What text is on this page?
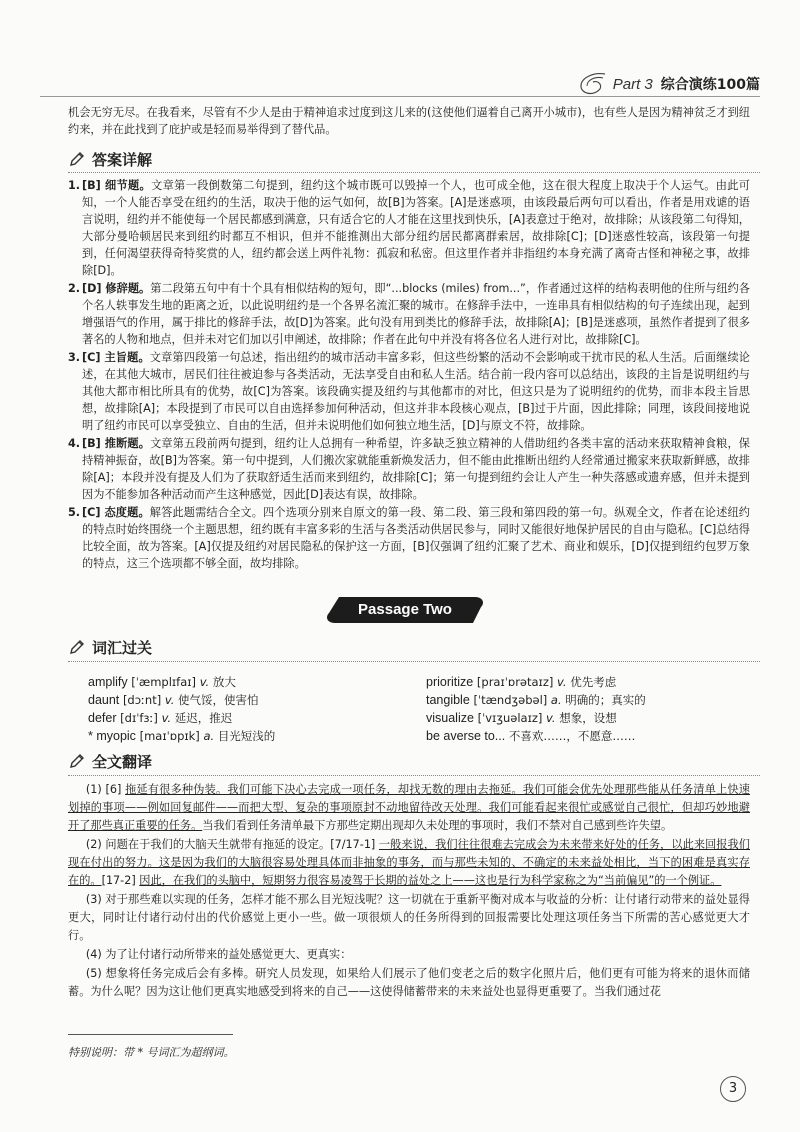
Part 3 综合演练100篇

机会无穷无尽。在我看来，尽管有不少人是由于精神追求过度到这儿来的(这使他们逼着自己离开小城市)，也有些人是因为精神贫乏才到纽约来，并在此找到了庇护或是轻而易举得到了替代品。

答案详解
1. [B] 细节题。文章第一段倒数第二句提到，纽约这个城市既可以毁掉一个人，也可成全他，这在很大程度上取决于个人运气。由此可知，一个人能否享受在纽约的生活，取决于他的运气如何，故[B]为答案。[A]是迷惑项，由该段最后两句可以看出，作者是用戏谑的语言说明，纽约并不能使每一个居民都感到满意，只有适合它的人才能在这里找到快乐，[A]表意过于绝对，故排除；从该段第二句得知，大部分曼哈顿居民来到纽约时都互不相识，但并不能推测出大部分纽约居民都离群索居，故排除[C]；[D]迷惑性较高，该段第一句提到，任何渴望获得奇特奖赏的人，纽约都会送上两件礼物：孤寂和私密。但这里作者并非指纽约本身充满了离奇古怪和神秘之事，故排除[D]。

2. [D] 修辞题。第二段第五句中有十个具有相似结构的短句，即“...blocks (miles) from...”，作者通过这样的结构表明他的住所与纽约各个名人轶事发生地的距离之近，以此说明纽约是一个各界名流汇聚的城市。在修辞手法中，一连串具有相似结构的句子连续出现，起到增强语气的作用，属于排比的修辞手法，故[D]为答案。此句没有用到类比的修辞手法，故排除[A]；[B]是迷惑项，虽然作者提到了很多著名的人物和地点，但并未对它们加以引申阐述，故排除；作者在此句中并没有将各位名人进行对比，故排除[C]。

3. [C] 主旨题。文章第四段第一句总述，指出纽约的城市活动丰富多彩，但这些纷繁的活动不会影响或干扰市民的私人生活。后面继续论述，在其他大城市，居民们往往被迫参与各类活动，无法享受自由和私人生活。结合前一段内容可以总结出，该段的主旨是说明纽约与其他大都市相比所具有的优势，故[C]为答案。该段确实提及纽约与其他都市的对比，但这只是为了说明纽约的优势，而非本段主旨思想，故排除[A]；本段提到了市民可以自由选择参加何种活动，但这并非本段核心观点，[B]过于片面，因此排除；同理，该段间接地说明了纽约市民可以享受独立、自由的生活，但并未说明他们如何独立地生活，[D]与原文不符，故排除。

4. [B] 推断题。文章第五段前两句提到，纽约让人总拥有一种希望，许多缺乏独立精神的人借助纽约各类丰富的活动来获取精神食粮，保持精神振奋，故[B]为答案。第一句中提到，人们搬次家就能重新焕发活力，但不能由此推断出纽约人经常通过搬家来获取新鲜感，故排除[A]；本段并没有提及人们为了获取舒适生活而来到纽约，故排除[C]；第一句提到纽约会让人产生一种失落感或遗弃感，但并未提到因为不能参加各种活动而产生这种感觉，因此[D]表达有误，故排除。

5. [C] 态度题。解答此题需结合全文。四个选项分别来自原文的第一段、第二段、第三段和第四段的第一句。纵观全文，作者在论述纽约的特点时始终围绕一个主题思想，纽约既有丰富多彩的生活与各类活动供居民参与，同时又能很好地保护居民的自由与隐私。[C]总结得比较全面，故为答案。[A]仅提及纽约对居民隐私的保护这一方面，[B]仅强调了纽约汇聚了艺术、商业和娱乐，[D]仅提到纽约包罗万象的特点，这三个选项都不够全面，故均排除。

Passage Two
词汇过关
amplify [ˈæmplɪfaɪ] v. 放大
daunt [dɔːnt] v. 使气馁，使害怕
defer [dɪˈfɜː] v. 延迟，推迟
* myopic [maɪˈɒpɪk] a. 目光短浅的
prioritize [praɪˈɒrətaɪz] v. 优先考虑
tangible [ˈtændʒəbəl] a. 明确的；真实的
visualize [ˈvɪʒuəlaɪz] v. 想象，设想
be averse to... 不喜欢……，不愿意……
全文翻译

(1) [6] 拖延有很多种伪装。我们可能下决心去完成一项任务，却找无数的理由去拖延。我们可能会优先处理那些能从任务清单上快速划掉的事项——例如回复邮件——而把大型、复杂的事项原封不动地留待改天处理。我们可能看起来很忙或感觉自己很忙，但却巧妙地避开了那些真正重要的任务。当我们看到任务清单最下方那些定期出现却久未处理的事项时，我们不禁对自己感到些许失望。

(2) 问题在于我们的大脑天生就带有拖延的设定。[7/17-1] 一般来说，我们往往很难去完成会为未来带来好处的任务，以此来回报我们现在付出的努力。这是因为我们的大脑很容易处理具体而非抽象的事务，而与那些未知的、不确定的未来益处相比，当下的困难是真实存在的。[17-2] 因此，在我们的头脑中，短期努力很容易凌驾于长期的益处之上——这也是行为科学家称之为“当前偏见”的一个例证。

(3) 对于那些难以实现的任务，怎样才能不那么目光短浅呢？这一切就在于重新平衡对成本与收益的分析：让付诸行动带来的益处显得更大，同时让付诸行动付出的代价感觉上更小一些。做一项很烦人的任务所得到的回报需要比处理这项任务当下所需的苦心感觉更大才行。

(4) 为了让付诸行动所带来的益处感觉更大、更真实：

(5) 想象将任务完成后会有多棒。研究人员发现，如果给人们展示了他们变老之后的数字化照片后，他们更有可能为将来的退休而储蓄。为什么呢？因为这让他们更真实地感受到将来的自己——这使得储蓄带来的未来益处也显得更重要了。当我们通过花

特别说明：带 * 号词汇为超纲词。
3
